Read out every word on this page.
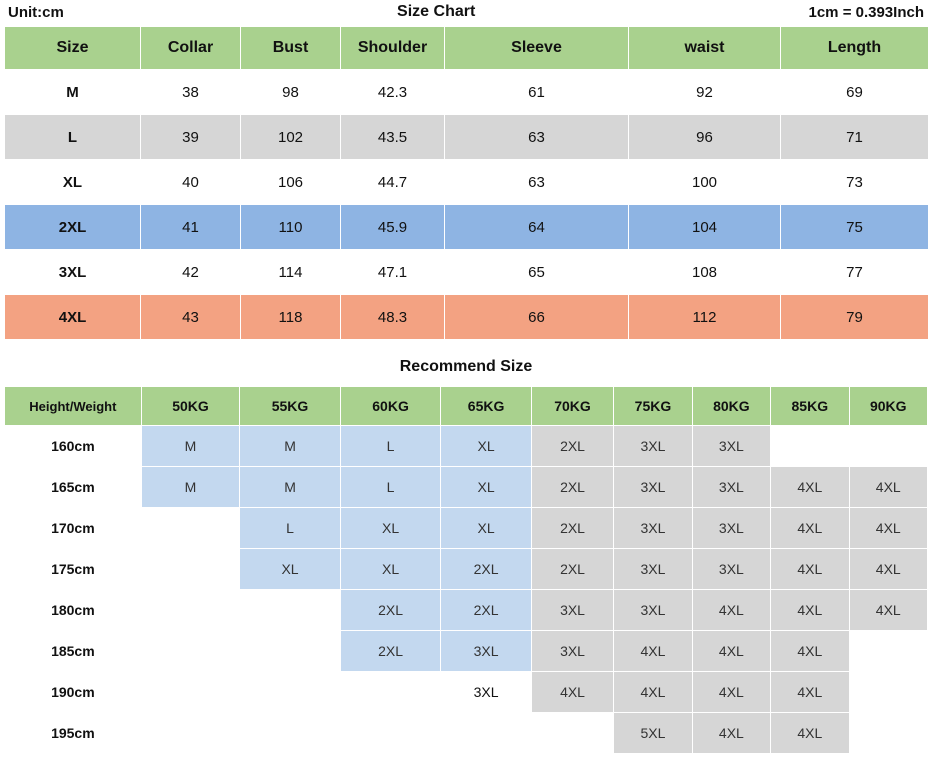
Unit:cm	Size Chart	1cm = 0.393Inch
Size	Collar	Bust	Shoulder	Sleeve	waist	Length
M	38	98	42.3	61	92	69
L	39	102	43.5	63	96	71
XL	40	106	44.7	63	100	73
2XL	41	110	45.9	64	104	75
3XL	42	114	47.1	65	108	77
4XL	43	118	48.3	66	112	79
Recommend Size
Height/Weight	50KG	55KG	60KG	65KG	70KG	75KG	80KG	85KG	90KG
160cm	M	M	L	XL	2XL	3XL	3XL		
165cm	M	M	L	XL	2XL	3XL	3XL	4XL	4XL
170cm		L	XL	XL	2XL	3XL	3XL	4XL	4XL
175cm		XL	XL	2XL	2XL	3XL	3XL	4XL	4XL
180cm			2XL	2XL	3XL	3XL	4XL	4XL	4XL
185cm			2XL	3XL	3XL	4XL	4XL	4XL	
190cm				3XL	4XL	4XL	4XL	4XL	
195cm						5XL	4XL	4XL	
